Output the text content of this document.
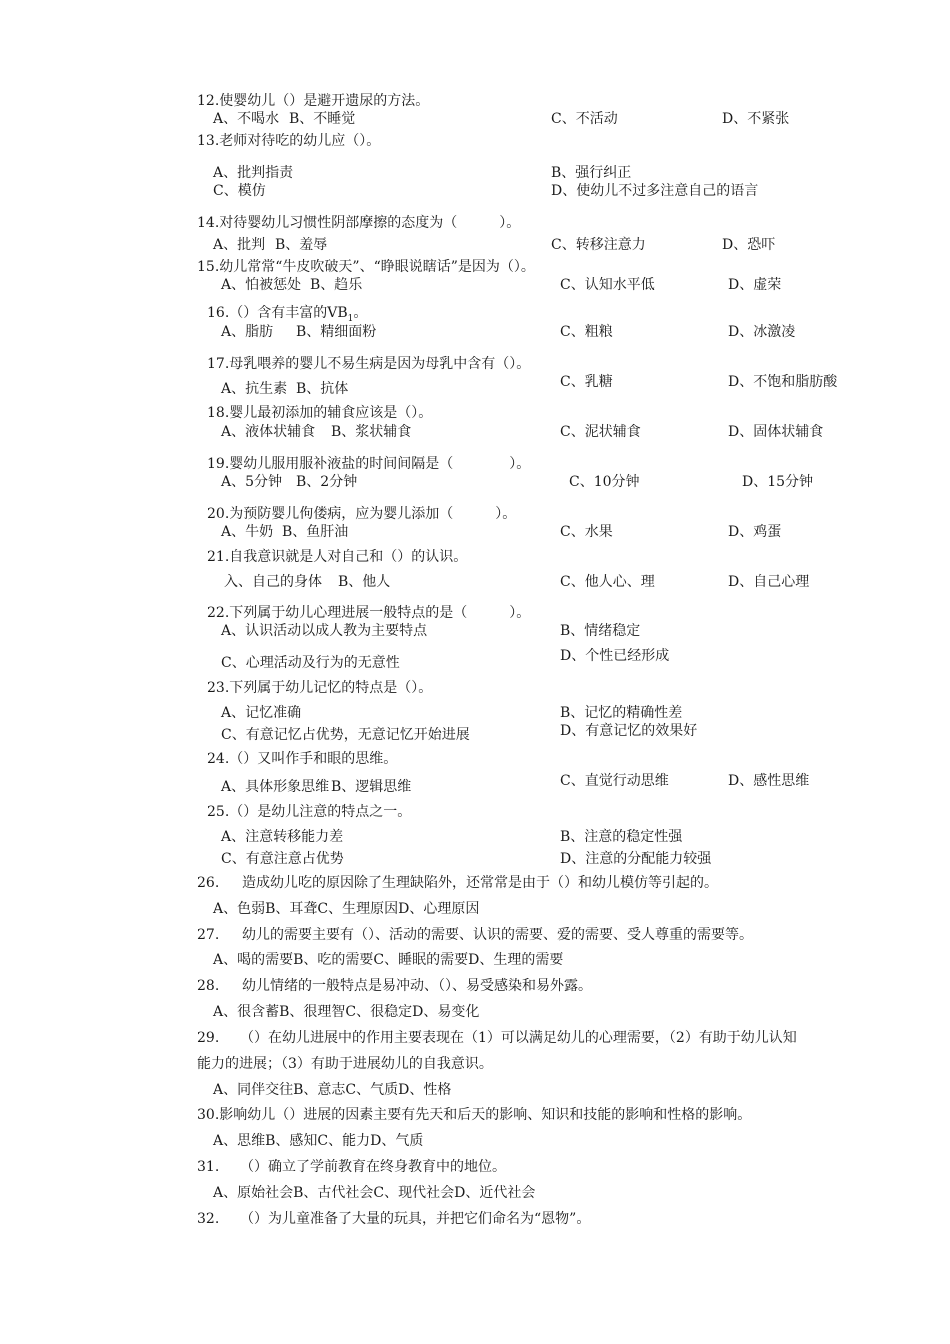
12.使婴幼儿（）是避开遗尿的方法。
A、不喝水 B、不睡觉	C、不活动	D、不紧张
13.老师对待吃的幼儿应（）。
A、批判指责	B、强行纠正
C、模仿	D、使幼儿不过多注意自己的语言
14.对待婴幼儿习惯性阴部摩擦的态度为（　　　）。
A、批判 B、羞辱	C、转移注意力	D、恐吓
15.幼儿常常“牛皮吹破天”、“睁眼说瞎话”是因为（）。
A、怕被惩处 B、趋乐	C、认知水平低	D、虚荣
16.（）含有丰富的$VB_1$。
A、脂肪 B、精细面粉	C、粗粮	D、冰激凌
17.母乳喂养的婴儿不易生病是因为母乳中含有（）。
A、抗生素 B、抗体	C、乳糖	D、不饱和脂肪酸
18.婴儿最初添加的辅食应该是（）。
A、液体状辅食 B、浆状辅食	C、泥状辅食	D、固体状辅食
19.婴幼儿服用服补液盐的时间间隔是（　　　　）。
A、5分钟 B、2分钟	C、10分钟	D、15分钟
20.为预防婴儿佝偻病，应为婴儿添加（　　　）。
A、牛奶 B、鱼肝油	C、水果	D、鸡蛋
21.自我意识就是人对自己和（）的认识。
入、自己的身体 B、他人	C、他人心、理	D、自己心理
22.下列属于幼儿心理进展一般特点的是（　　　）。
A、认识活动以成人教为主要特点	B、情绪稳定
C、心理活动及行为的无意性	D、个性已经形成
23.下列属于幼儿记忆的特点是（）。
A、记忆准确	B、记忆的精确性差
C、有意记忆占优势，无意记忆开始进展	D、有意记忆的效果好
24.（）又叫作手和眼的思维。
A、具体形象思维 B、逻辑思维	C、直觉行动思维	D、感性思维
25.（）是幼儿注意的特点之一。
A、注意转移能力差	B、注意的稳定性强
C、有意注意占优势	D、注意的分配能力较强
26. 造成幼儿吃的原因除了生理缺陷外，还常常是由于（）和幼儿模仿等引起的。
A、色弱B、耳聋C、生理原因D、心理原因
27. 幼儿的需要主要有（）、活动的需要、认识的需要、爱的需要、受人尊重的需要等。
A、喝的需要B、吃的需要C、睡眠的需要D、生理的需要
28. 幼儿情绪的一般特点是易冲动、（）、易受感染和易外露。
A、很含蓄B、很理智C、很稳定D、易变化
29. （）在幼儿进展中的作用主要表现在（1）可以满足幼儿的心理需要，（2）有助于幼儿认知
能力的进展；（3）有助于进展幼儿的自我意识。
A、同伴交往B、意志C、气质D、性格
30.影响幼儿（）进展的因素主要有先天和后天的影响、知识和技能的影响和性格的影响。
A、思维B、感知C、能力D、气质
31. （）确立了学前教育在终身教育中的地位。
A、原始社会B、古代社会C、现代社会D、近代社会
32. （）为儿童准备了大量的玩具，并把它们命名为“恩物”。
